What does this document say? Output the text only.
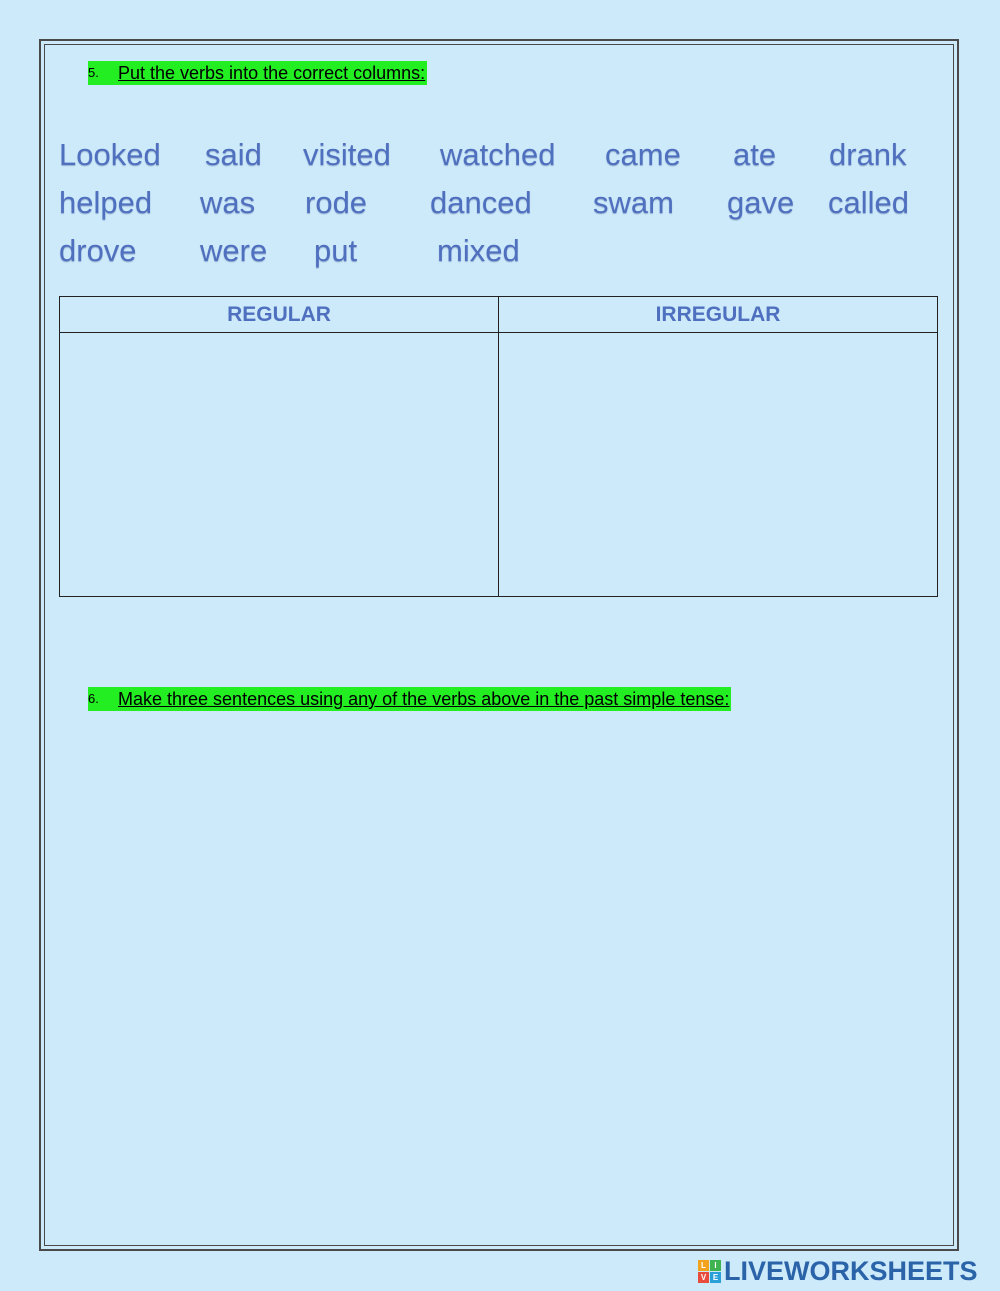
5.	Put the verbs into the correct columns:
Looked said visited watched came ate drank
helped was rode danced swam gave called
drove were put	mixed
REGULAR	IRREGULAR

6.	Make three sentences using any of the verbs above in the past simple tense:
L	I
V E LIVEWORKSHEETS
